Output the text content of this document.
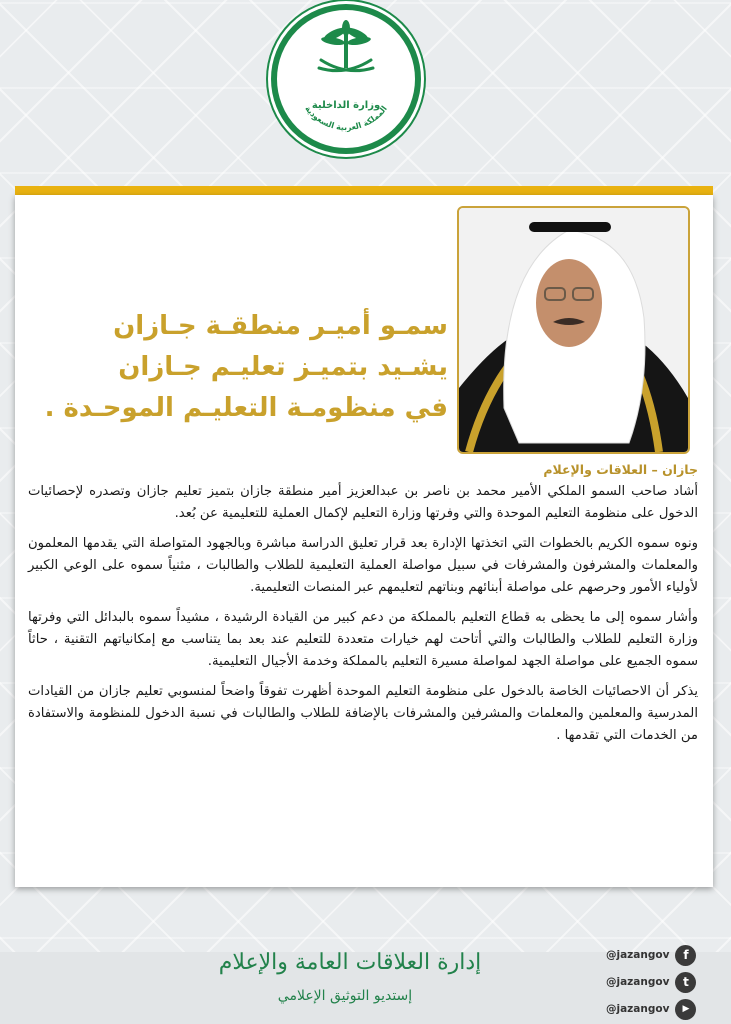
المملكة العربية السعودية
وزارة الداخلية
سمـو أميـر منطقـة جـازان
يشـيد بتميـز تعليـم جـازان
في منظومـة التعليـم الموحـدة .
جازان – العلاقات والإعلام

أشاد صاحب السمو الملكي الأمير محمد بن ناصر بن عبدالعزيز أمير منطقة جازان بتميز تعليم جازان وتصدره لإحصائيات الدخول على منظومة التعليم الموحدة والتي وفرتها وزارة التعليم لإكمال العملية للتعليمية عن بُعد.

ونوه سموه الكريم بالخطوات التي اتخذتها الإدارة بعد قرار تعليق الدراسة مباشرة وبالجهود المتواصلة التي يقدمها المعلمون والمعلمات والمشرفون والمشرفات في سبيل مواصلة العملية التعليمية للطلاب والطالبات ، مثنياً سموه على الوعي الكبير لأولياء الأمور وحرصهم على مواصلة أبنائهم وبناتهم لتعليمهم عبر المنصات التعليمية.

وأشار سموه إلى ما يحظى به قطاع التعليم بالمملكة من دعم كبير من القيادة الرشيدة ، مشيداً سموه بالبدائل التي وفرتها وزارة التعليم للطلاب والطالبات والتي أتاحت لهم خيارات متعددة للتعليم عند بعد بما يتناسب مع إمكانياتهم التقنية ، حاثاً سموه الجميع على مواصلة الجهد لمواصلة مسيرة التعليم بالمملكة وخدمة الأجيال التعليمية.

يذكر أن الاحصائيات الخاصة بالدخول على منظومة التعليم الموحدة أظهرت تفوقاً واضحاً لمنسوبي تعليم جازان من القيادات المدرسية والمعلمين والمعلمات والمشرفين والمشرفات بالإضافة للطلاب والطالبات في نسبة الدخول للمنظومة والاستفادة من الخدمات التي تقدمها .

إدارة العلاقات العامة والإعلام
إستديو التوثيق الإعلامي
@jazangov	f
@jazangov	t
@jazangov	▶
